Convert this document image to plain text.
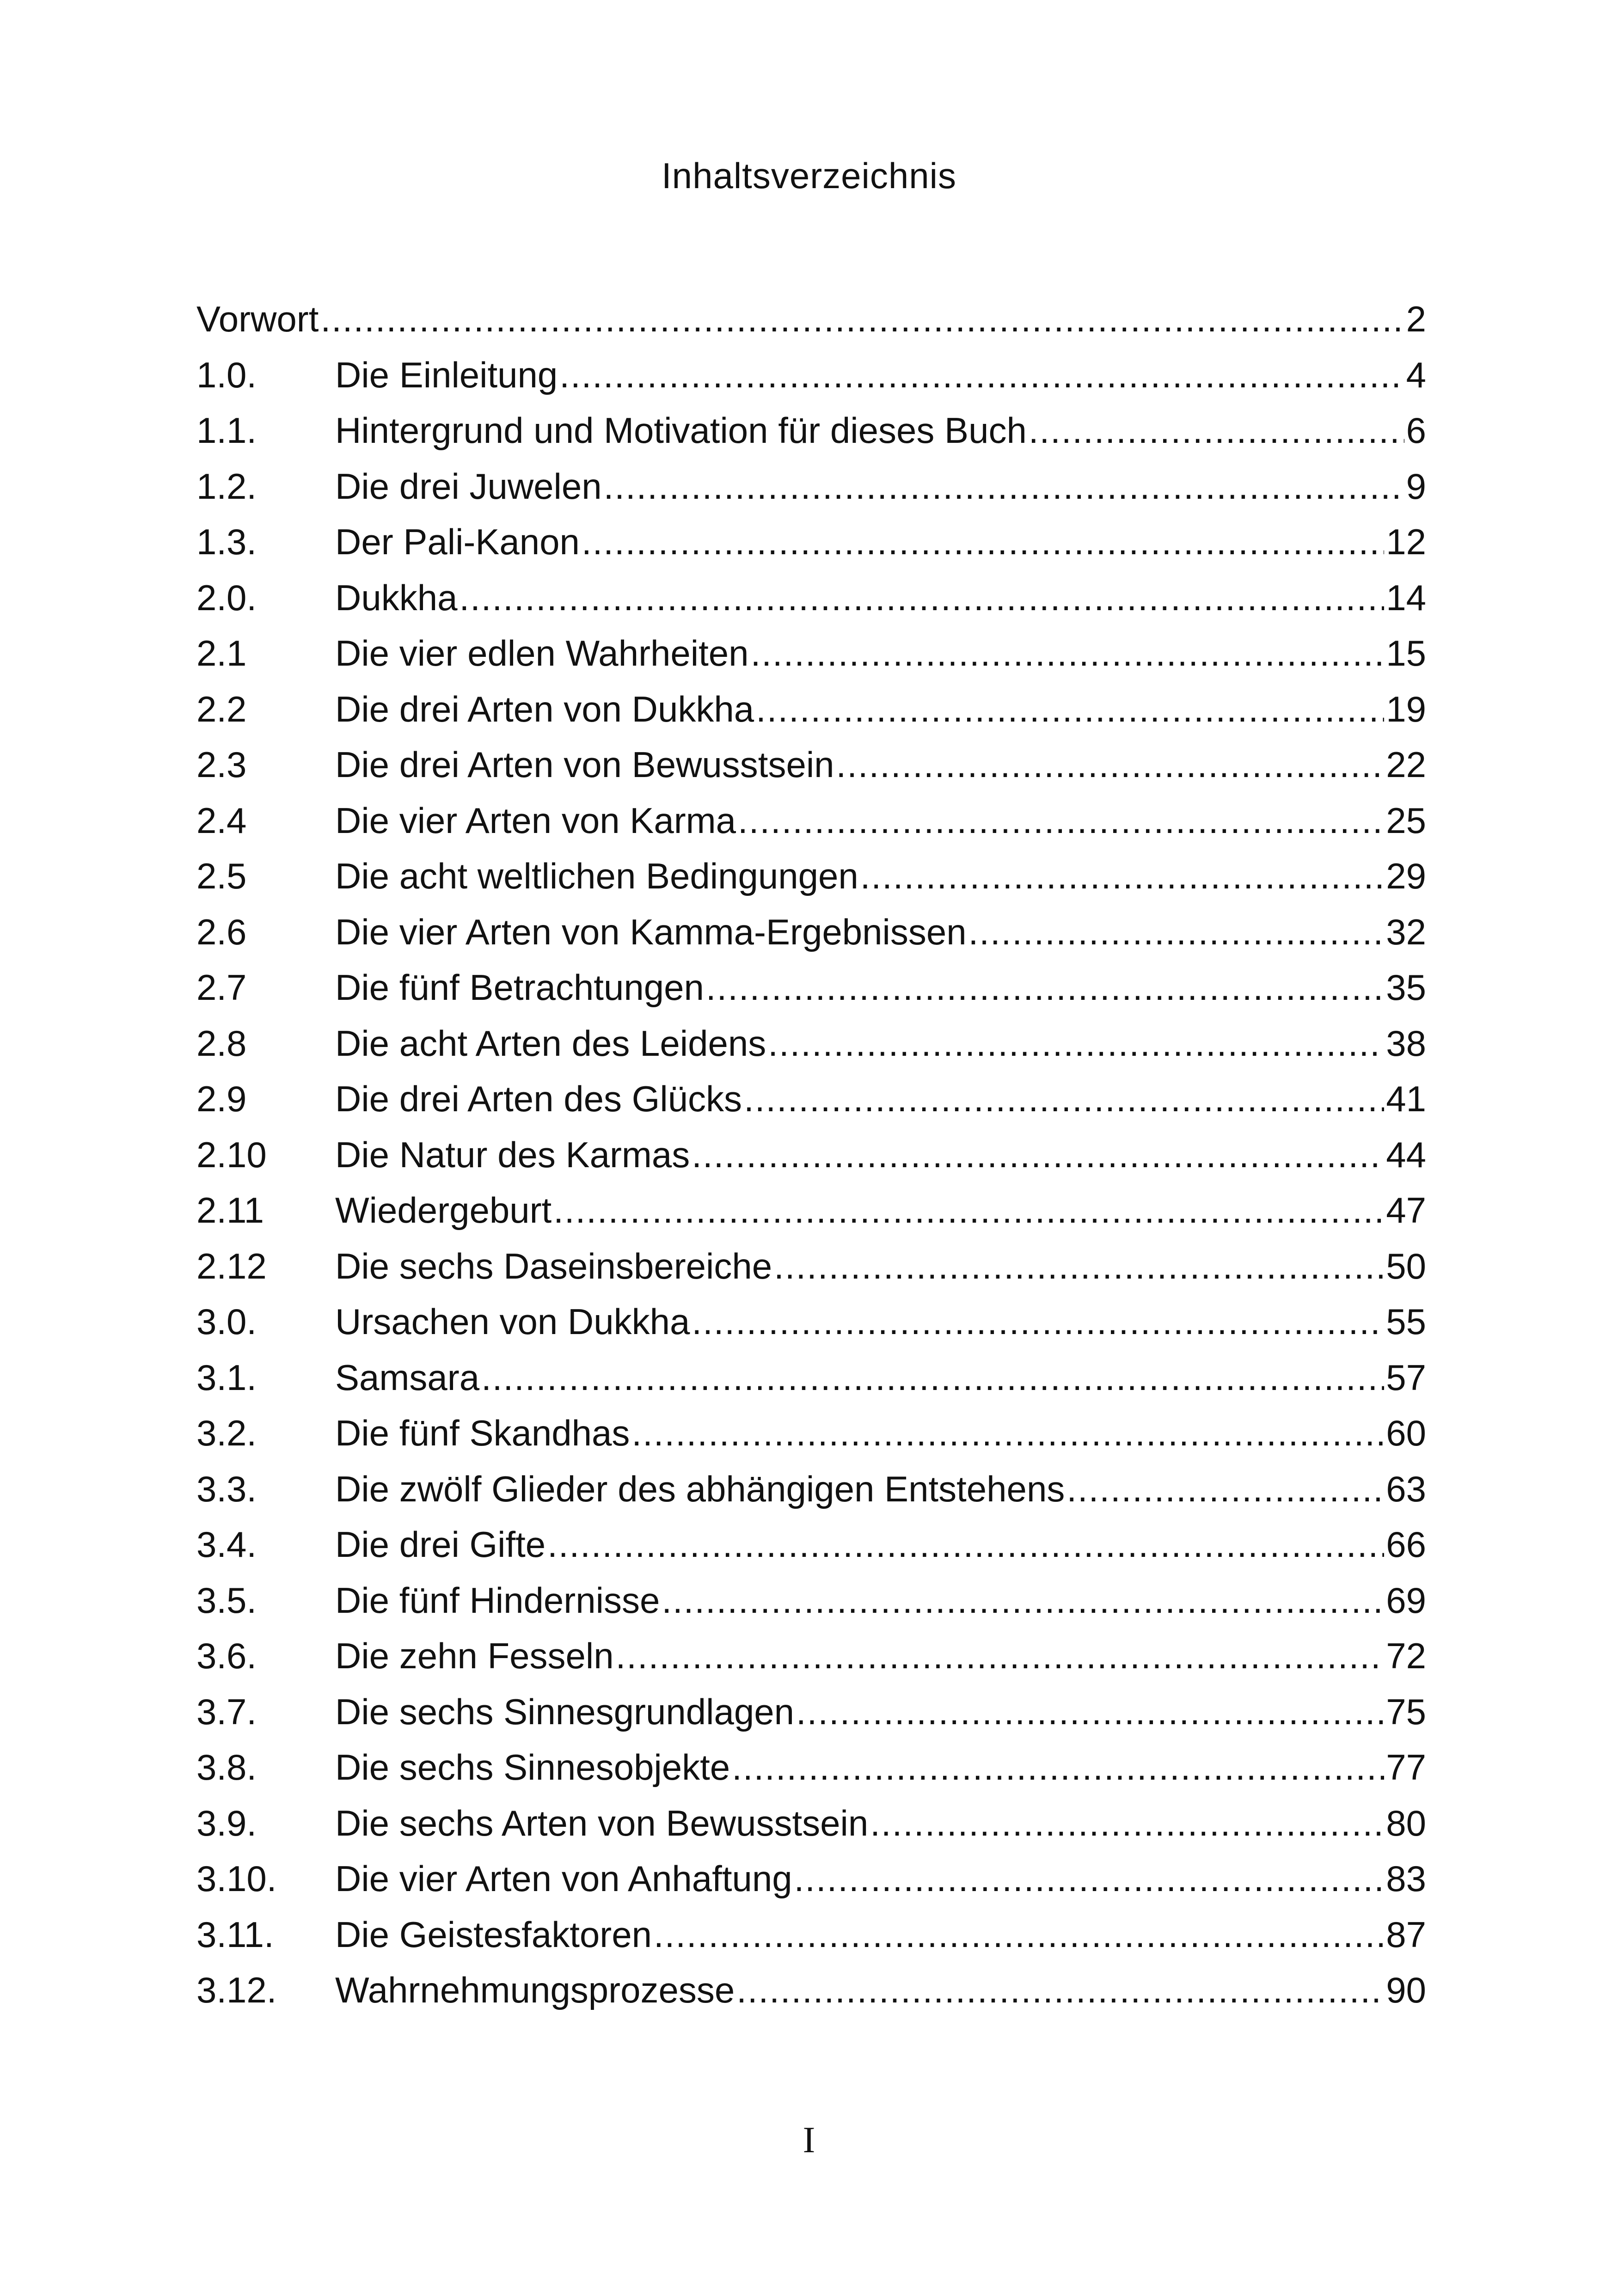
Inhaltsverzeichnis
Vorwort .....	2
1.0.	Die Einleitung .....	4
1.1.	Hintergrund und Motivation für dieses Buch .....	6
1.2.	Die drei Juwelen .....	9
1.3.	Der Pali-Kanon .....	12
2.0.	Dukkha .....	14
2.1	Die vier edlen Wahrheiten .....	15
2.2	Die drei Arten von Dukkha .....	19
2.3	Die drei Arten von Bewusstsein .....	22
2.4	Die vier Arten von Karma .....	25
2.5	Die acht weltlichen Bedingungen .....	29
2.6	Die vier Arten von Kamma-Ergebnissen .....	32
2.7	Die fünf Betrachtungen .....	35
2.8	Die acht Arten des Leidens .....	38
2.9	Die drei Arten des Glücks .....	41
2.10	Die Natur des Karmas .....	44
2.11	Wiedergeburt .....	47
2.12	Die sechs Daseinsbereiche .....	50
3.0.	Ursachen von Dukkha .....	55
3.1.	Samsara .....	57
3.2.	Die fünf Skandhas .....	60
3.3.	Die zwölf Glieder des abhängigen Entstehens .....	63
3.4.	Die drei Gifte .....	66
3.5.	Die fünf Hindernisse .....	69
3.6.	Die zehn Fesseln .....	72
3.7.	Die sechs Sinnesgrundlagen .....	75
3.8.	Die sechs Sinnesobjekte .....	77
3.9.	Die sechs Arten von Bewusstsein .....	80
3.10.	Die vier Arten von Anhaftung .....	83
3.11.	Die Geistesfaktoren .....	87
3.12.	Wahrnehmungsprozesse .....	90
I
